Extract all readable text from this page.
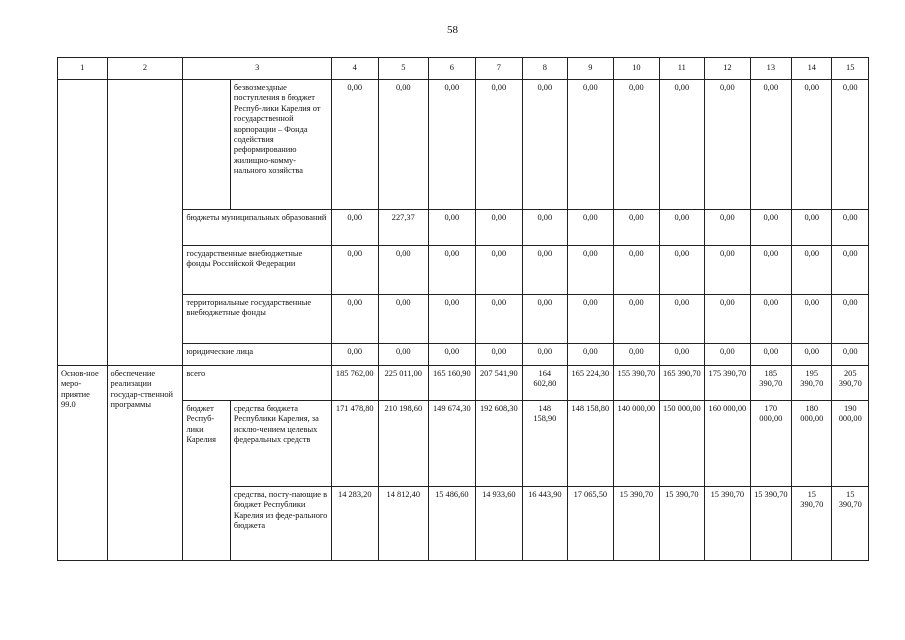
58
1	2	3		4	5	6	7	8	9	10	11	12	13	14	15
			безвозмездные поступления в бюджет Респуб-лики Карелия от государственной корпорации – Фонда содействия реформированию жилищно-комму-нального хозяйства	0,00	0,00	0,00	0,00	0,00	0,00	0,00	0,00	0,00	0,00	0,00	0,00
		бюджеты муниципальных образований		0,00	227,37	0,00	0,00	0,00	0,00	0,00	0,00	0,00	0,00	0,00	0,00
		государственные внебюджетные фонды Российской Федерации		0,00	0,00	0,00	0,00	0,00	0,00	0,00	0,00	0,00	0,00	0,00	0,00
		территориальные государственные внебюджетные фонды		0,00	0,00	0,00	0,00	0,00	0,00	0,00	0,00	0,00	0,00	0,00	0,00
		юридические лица		0,00	0,00	0,00	0,00	0,00	0,00	0,00	0,00	0,00	0,00	0,00	0,00
Основ-ное меро-приятие 99.0	обеспечение реализации государ-ственной программы	всего		185 762,00	225 011,00	165 160,90	207 541,90	164 602,80	165 224,30	155 390,70	165 390,70	175 390,70	185 390,70	195 390,70	205 390,70
		бюджет Респуб-лики Карелия	средства бюджета Республики Карелия, за исклю-чением целевых федеральных средств	171 478,80	210 198,60	149 674,30	192 608,30	148 158,90	148 158,80	140 000,00	150 000,00	160 000,00	170 000,00	180 000,00	190 000,00
			средства, посту-пающие в бюджет Республики Карелия из феде-рального бюджета	14 283,20	14 812,40	15 486,60	14 933,60	16 443,90	17 065,50	15 390,70	15 390,70	15 390,70	15 390,70	15 390,70	15 390,70
